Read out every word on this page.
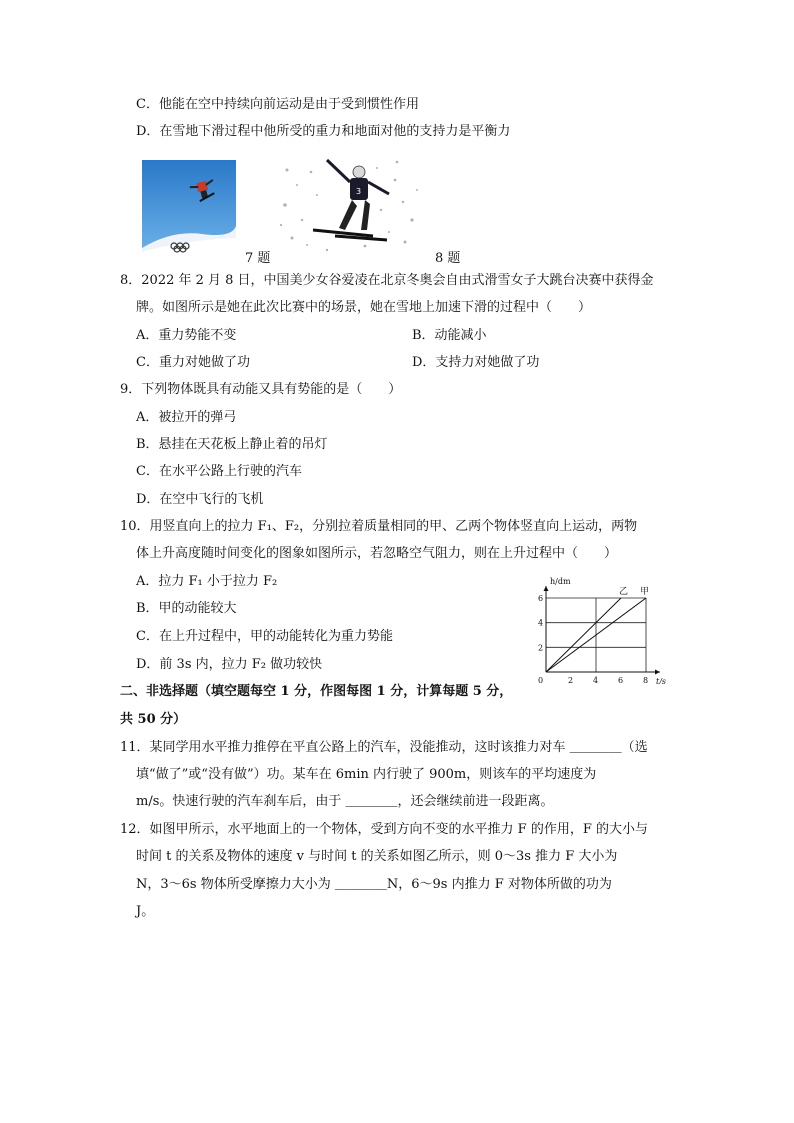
C．他能在空中持续向前运动是由于受到惯性作用
D．在雪地下滑过程中他所受的重力和地面对他的支持力是平衡力
7 题
3
8 题
8．2022 年 2 月 8 日，中国美少女谷爱凌在北京冬奥会自由式滑雪女子大跳台决赛中获得金
牌。如图所示是她在此次比赛中的场景，她在雪地上加速下滑的过程中（　　）
A．重力势能不变	B．动能减小
C．重力对她做了功	D．支持力对她做了功
9．下列物体既具有动能又具有势能的是（　　）
A．被拉开的弹弓
B．悬挂在天花板上静止着的吊灯
C．在水平公路上行驶的汽车
D．在空中飞行的飞机
10．用竖直向上的拉力 F₁、F₂，分别拉着质量相同的甲、乙两个物体竖直向上运动，两物
体上升高度随时间变化的图象如图所示，若忽略空气阻力，则在上升过程中（　　）
A．拉力 F₁ 小于拉力 F₂
B．甲的动能较大
C．在上升过程中，甲的动能转化为重力势能
D．前 3s 内，拉力 F₂ 做功较快
0	2 4 6 8
2
4
6
t/s
h/dm
乙 甲
二、非选择题（填空题每空 1 分，作图每图 1 分，计算每题 5 分，
共 50 分）
11．某同学用水平推力推停在平直公路上的汽车，没能推动，这时该推力对车 ＿＿＿＿（选
填“做了”或“没有做”）功。某车在 6min 内行驶了 900m，则该车的平均速度为
m/s。快速行驶的汽车刹车后，由于 ＿＿＿＿，还会继续前进一段距离。
12．如图甲所示，水平地面上的一个物体，受到方向不变的水平推力 F 的作用，F 的大小与
时间 t 的关系及物体的速度 v 与时间 t 的关系如图乙所示，则 0～3s 推力 F 大小为
N，3～6s 物体所受摩擦力大小为 ＿＿＿＿N，6～9s 内推力 F 对物体所做的功为
J。
